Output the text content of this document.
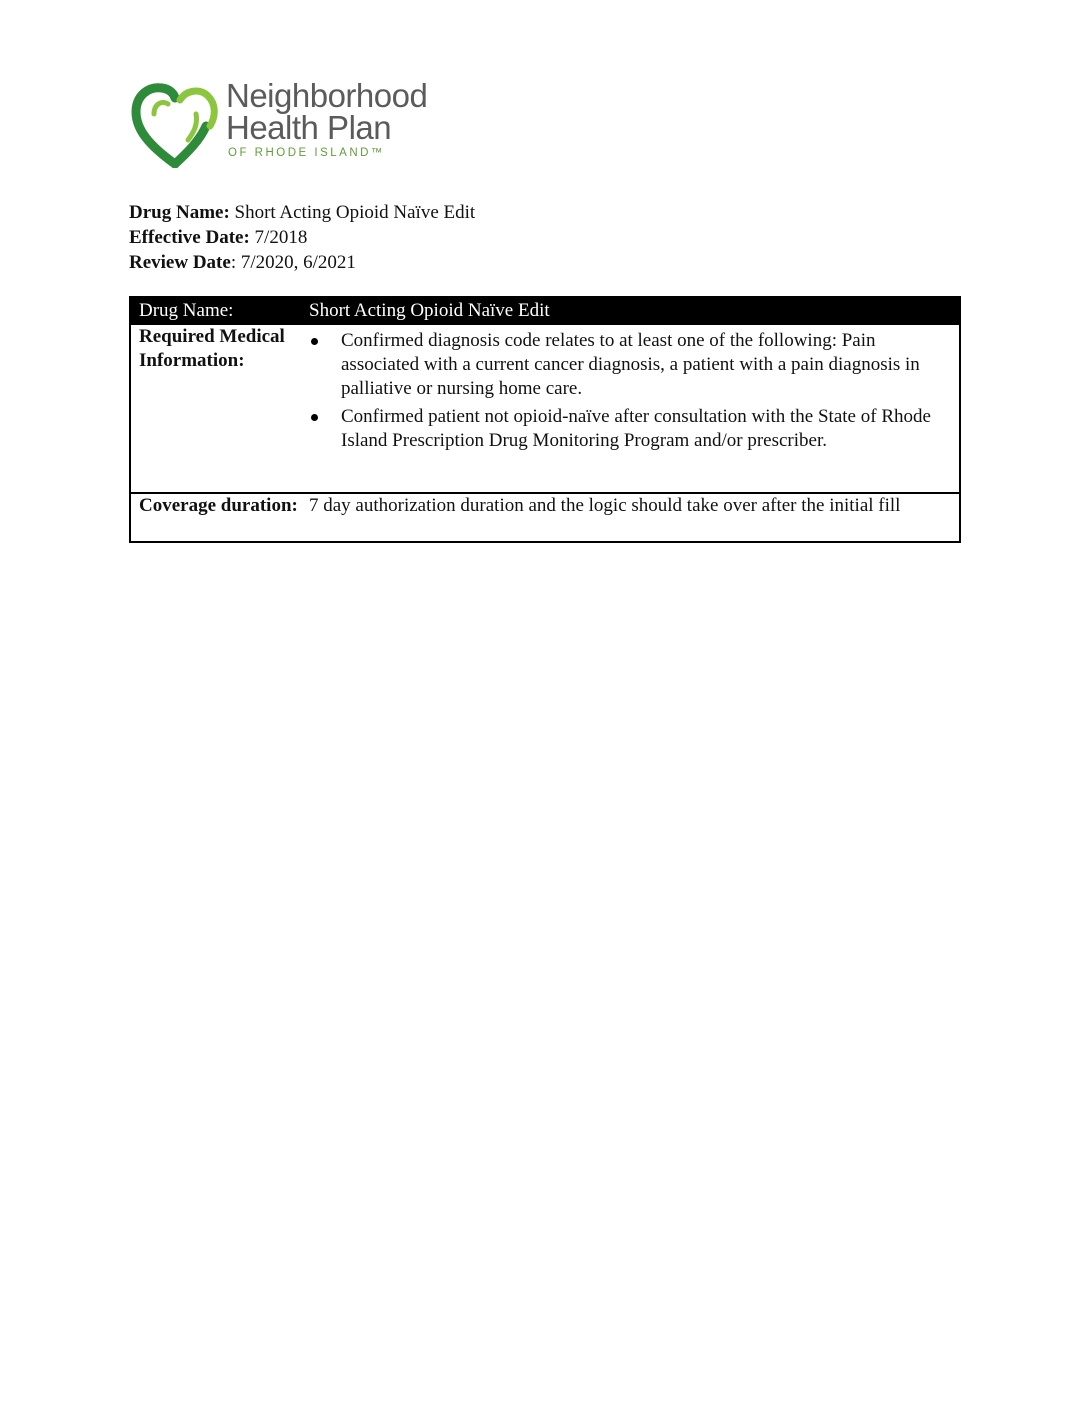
Neighborhood
Health Plan
OF RHODE ISLAND™
Drug Name: Short Acting Opioid Naïve Edit
Effective Date: 7/2018
Review Date: 7/2020, 6/2021
Drug Name:	Short Acting Opioid Naïve Edit
Required Medical Information:
Confirmed diagnosis code relates to at least one of the following: Pain associated with a current cancer diagnosis, a patient with a pain diagnosis in palliative or nursing home care.
Confirmed patient not opioid-naïve after consultation with the State of Rhode Island Prescription Drug Monitoring Program and/or prescriber.
Coverage duration: 7 day authorization duration and the logic should take over after the initial fill
